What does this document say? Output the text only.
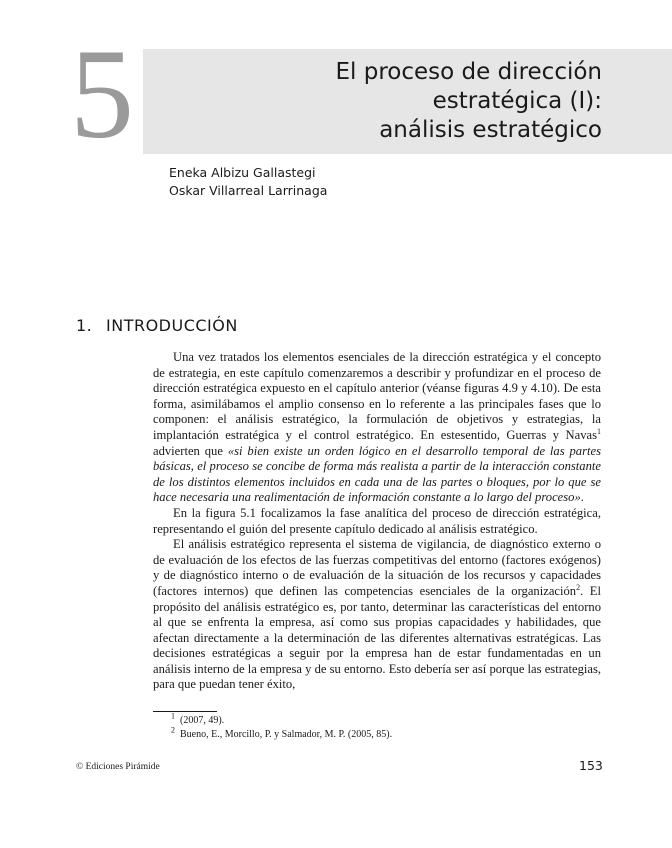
5	El proceso de dirección
estratégica (I):
análisis estratégico
Eneka Albizu Gallastegi
Oskar Villarreal Larrinaga
1. INTRODUCCIÓN

Una vez tratados los elementos esenciales de la dirección estratégica y el concepto de estrategia, en este capítulo comenzaremos a describir y profundizar en el proceso de dirección estratégica expuesto en el capítulo anterior (véanse figuras 4.9 y 4.10). De esta forma, asimilábamos el amplio consenso en lo referente a las principales fases que lo componen: el análisis estratégico, la formulación de objetivos y estrategias, la implantación estratégica y el control estratégico. En estesentido, Guerras y Navas$^1$ advierten que «si bien existe un orden lógico en el desarrollo temporal de las partes básicas, el proceso se concibe de forma más realista a partir de la interacción constante de los distintos elementos incluidos en cada una de las partes o bloques, por lo que se hace necesaria una realimentación de información constante a lo largo del proceso».

En la figura 5.1 focalizamos la fase analítica del proceso de dirección estratégica, representando el guión del presente capítulo dedicado al análisis estratégico.

El análisis estratégico representa el sistema de vigilancia, de diagnóstico externo o de evaluación de los efectos de las fuerzas competitivas del entorno (factores exógenos) y de diagnóstico interno o de evaluación de la situación de los recursos y capacidades (factores internos) que definen las competencias esenciales de la organización$^2$. El propósito del análisis estratégico es, por tanto, determinar las características del entorno al que se enfrenta la empresa, así como sus propias capacidades y habilidades, que afectan directamente a la determinación de las diferentes alternativas estratégicas. Las decisiones estratégicas a seguir por la empresa han de estar fundamentadas en un análisis interno de la empresa y de su entorno. Esto debería ser así porque las estrategias, para que puedan tener éxito,

$^1$ (2007, 49).
$^2$ Bueno, E., Morcillo, P. y Salmador, M. P. (2005, 85).
© Ediciones Pirámide	153
